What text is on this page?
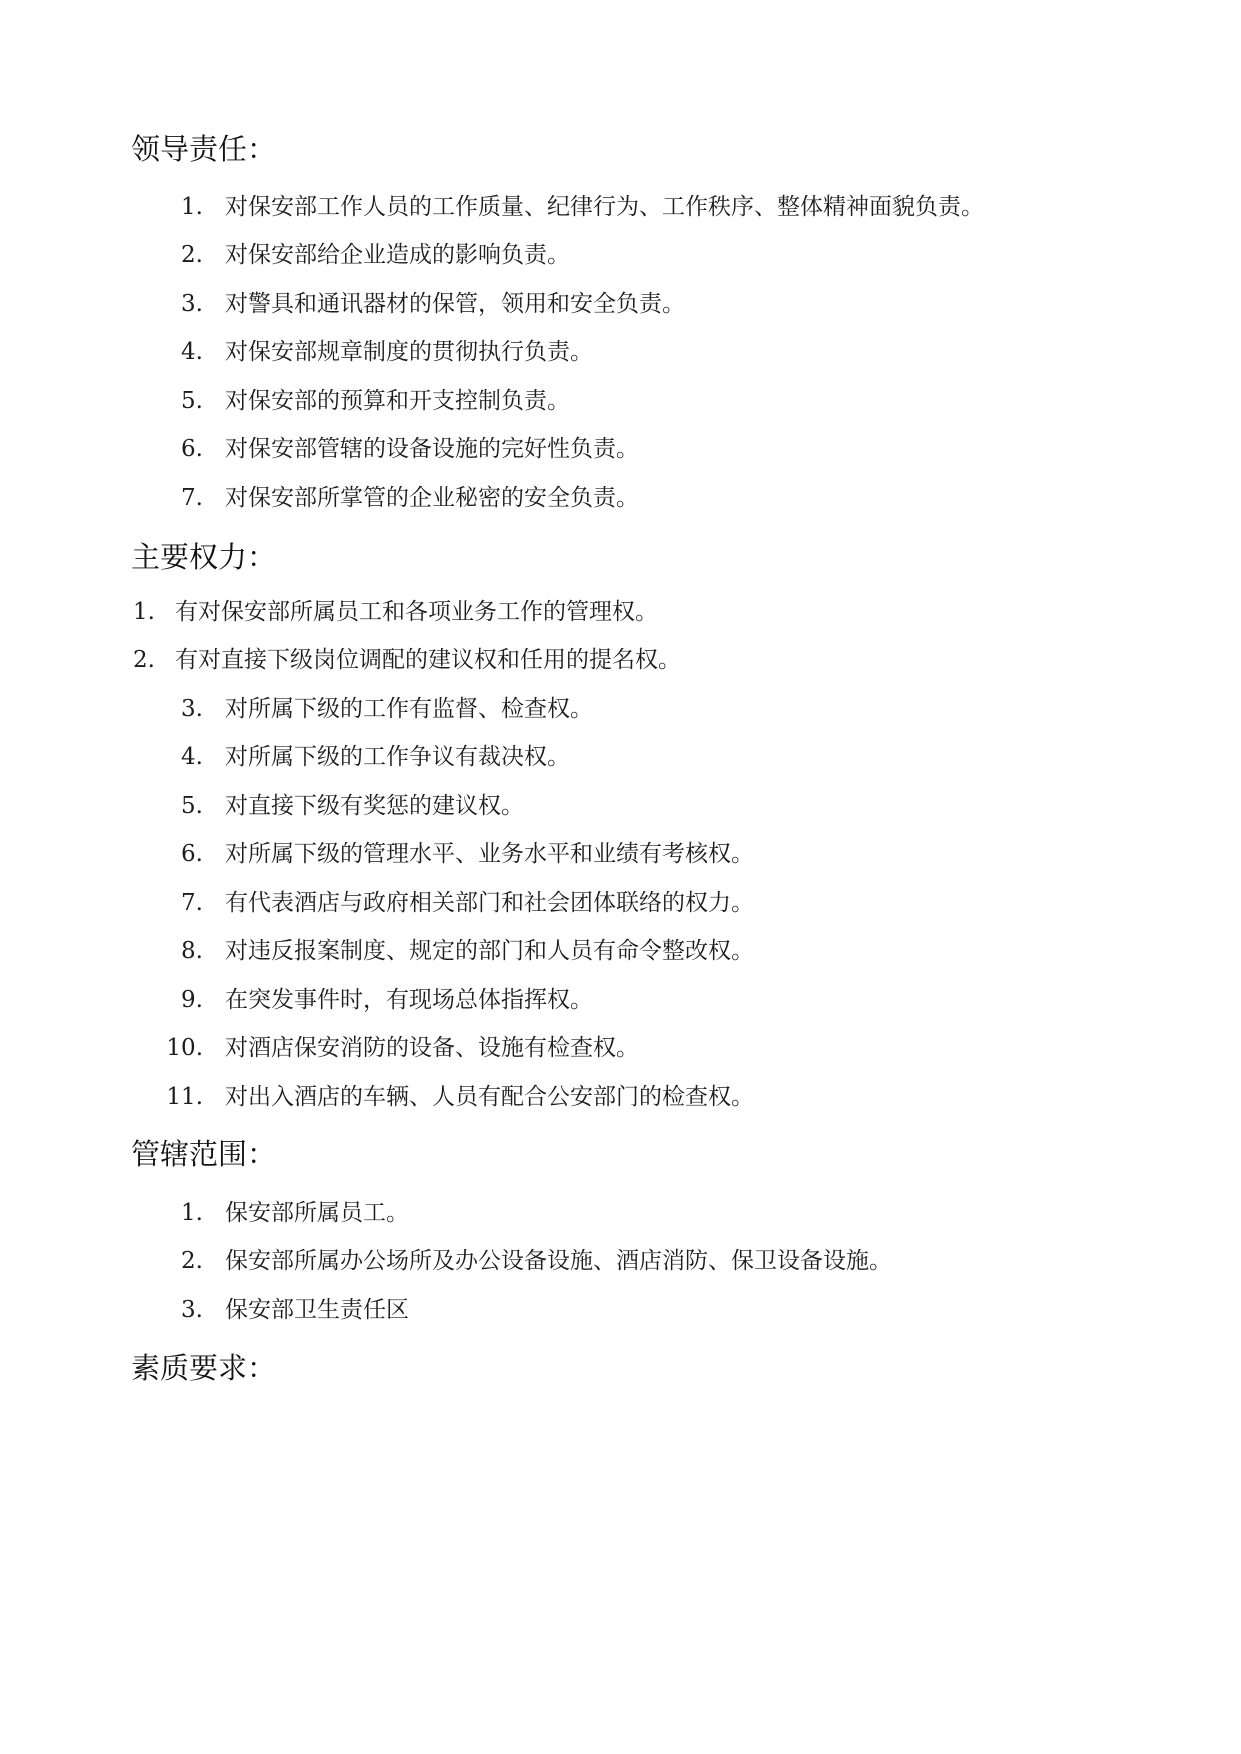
领导责任：
1. 对保安部工作人员的工作质量、纪律行为、工作秩序、整体精神面貌负责。
2. 对保安部给企业造成的影响负责。
3. 对警具和通讯器材的保管，领用和安全负责。
4. 对保安部规章制度的贯彻执行负责。
5. 对保安部的预算和开支控制负责。
6. 对保安部管辖的设备设施的完好性负责。
7. 对保安部所掌管的企业秘密的安全负责。
主要权力：
1. 有对保安部所属员工和各项业务工作的管理权。
2. 有对直接下级岗位调配的建议权和任用的提名权。
3. 对所属下级的工作有监督、检查权。
4. 对所属下级的工作争议有裁决权。
5. 对直接下级有奖惩的建议权。
6. 对所属下级的管理水平、业务水平和业绩有考核权。
7. 有代表酒店与政府相关部门和社会团体联络的权力。
8. 对违反报案制度、规定的部门和人员有命令整改权。
9. 在突发事件时，有现场总体指挥权。
10. 对酒店保安消防的设备、设施有检查权。
11. 对出入酒店的车辆、人员有配合公安部门的检查权。
管辖范围：
1. 保安部所属员工。
2. 保安部所属办公场所及办公设备设施、酒店消防、保卫设备设施。
3. 保安部卫生责任区
素质要求：
